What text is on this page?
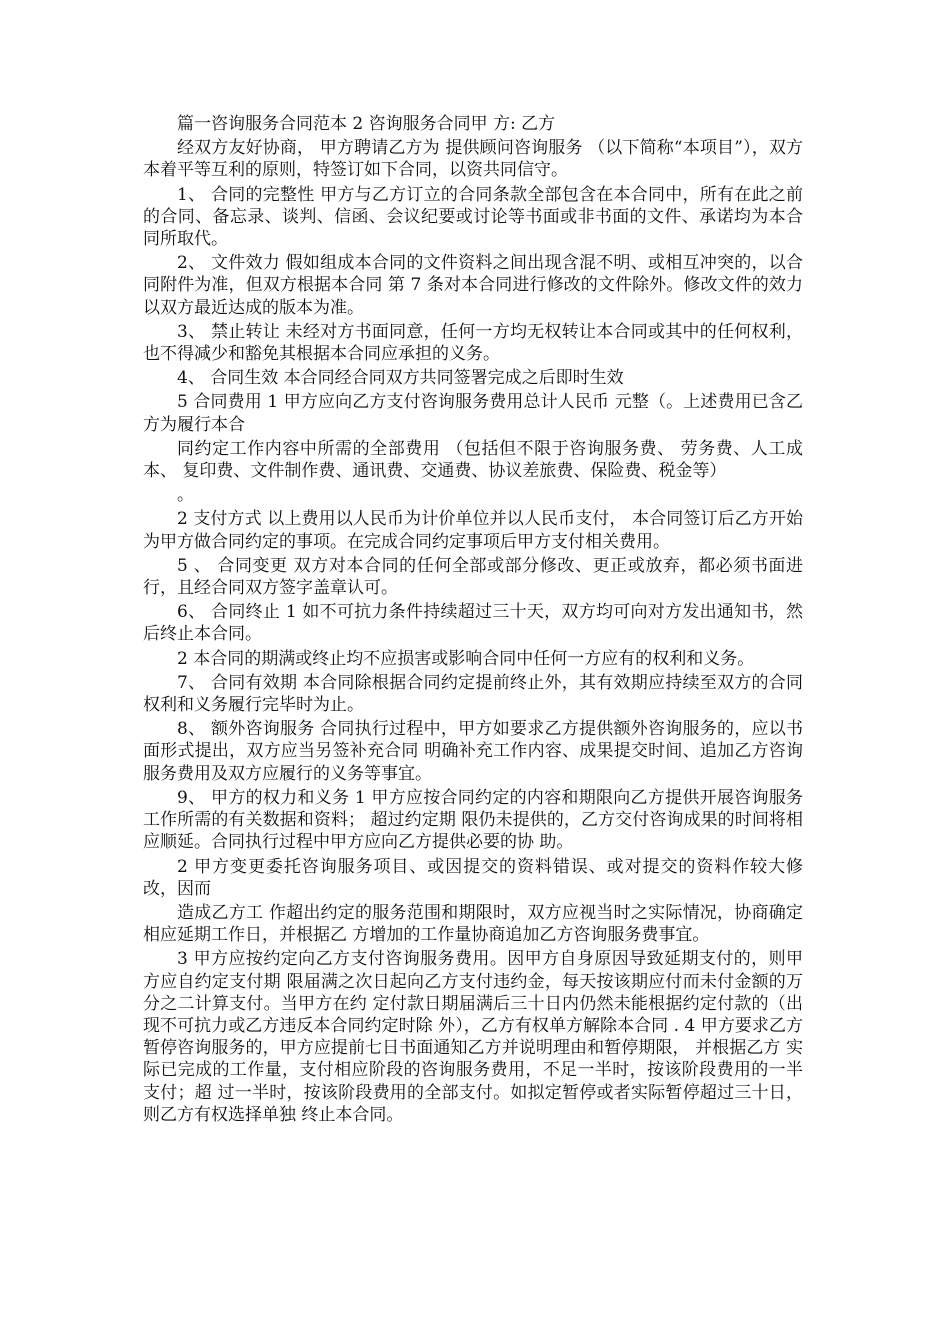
篇一咨询服务合同范本 2 咨询服务合同甲 方: 乙方

经双方友好协商， 甲方聘请乙方为 提供顾问咨询服务 （以下简称“本项目”），双方本着平等互利的原则，特签订如下合同，以资共同信守。

1、 合同的完整性 甲方与乙方订立的合同条款全部包含在本合同中，所有在此之前的合同、备忘录、谈判、信函、会议纪要或讨论等书面或非书面的文件、承诺均为本合同所取代。

2、 文件效力 假如组成本合同的文件资料之间出现含混不明、或相互冲突的，以合同附件为准，但双方根据本合同 第 7 条对本合同进行修改的文件除外。修改文件的效力以双方最近达成的版本为准。

3、 禁止转让 未经对方书面同意，任何一方均无权转让本合同或其中的任何权利，也不得减少和豁免其根据本合同应承担的义务。

4、 合同生效 本合同经合同双方共同签署完成之后即时生效

5 合同费用 1 甲方应向乙方支付咨询服务费用总计人民币 元整（。上述费用已含乙方为履行本合

同约定工作内容中所需的全部费用 （包括但不限于咨询服务费、 劳务费、人工成本、 复印费、文件制作费、通讯费、交通费、协议差旅费、保险费、税金等）

。

2 支付方式 以上费用以人民币为计价单位并以人民币支付， 本合同签订后乙方开始为甲方做合同约定的事项。在完成合同约定事项后甲方支付相关费用。

5 、 合同变更 双方对本合同的任何全部或部分修改、更正或放弃，都必须书面进行，且经合同双方签字盖章认可。

6、 合同终止 1 如不可抗力条件持续超过三十天，双方均可向对方发出通知书，然后终止本合同。

2 本合同的期满或终止均不应损害或影响合同中任何一方应有的权利和义务。

7、 合同有效期 本合同除根据合同约定提前终止外，其有效期应持续至双方的合同权利和义务履行完毕时为止。

8、 额外咨询服务 合同执行过程中，甲方如要求乙方提供额外咨询服务的，应以书面形式提出，双方应当另签补充合同 明确补充工作内容、成果提交时间、追加乙方咨询服务费用及双方应履行的义务等事宜。

9、 甲方的权力和义务 1 甲方应按合同约定的内容和期限向乙方提供开展咨询服务工作所需的有关数据和资料； 超过约定期 限仍未提供的，乙方交付咨询成果的时间将相应顺延。合同执行过程中甲方应向乙方提供必要的协 助。

2 甲方变更委托咨询服务项目、或因提交的资料错误、或对提交的资料作较大修改，因而

造成乙方工 作超出约定的服务范围和期限时，双方应视当时之实际情况，协商确定相应延期工作日，并根据乙 方增加的工作量协商追加乙方咨询服务费事宜。

3 甲方应按约定向乙方支付咨询服务费用。因甲方自身原因导致延期支付的，则甲方应自约定支付期 限届满之次日起向乙方支付违约金，每天按该期应付而未付金额的万分之二计算支付。当甲方在约 定付款日期届满后三十日内仍然未能根据约定付款的（出现不可抗力或乙方违反本合同约定时除 外），乙方有权单方解除本合同 . 4 甲方要求乙方暂停咨询服务的，甲方应提前七日书面通知乙方并说明理由和暂停期限， 并根据乙方 实际已完成的工作量，支付相应阶段的咨询服务费用，不足一半时，按该阶段费用的一半支付；超 过一半时，按该阶段费用的全部支付。如拟定暂停或者实际暂停超过三十日，则乙方有权选择单独 终止本合同。
